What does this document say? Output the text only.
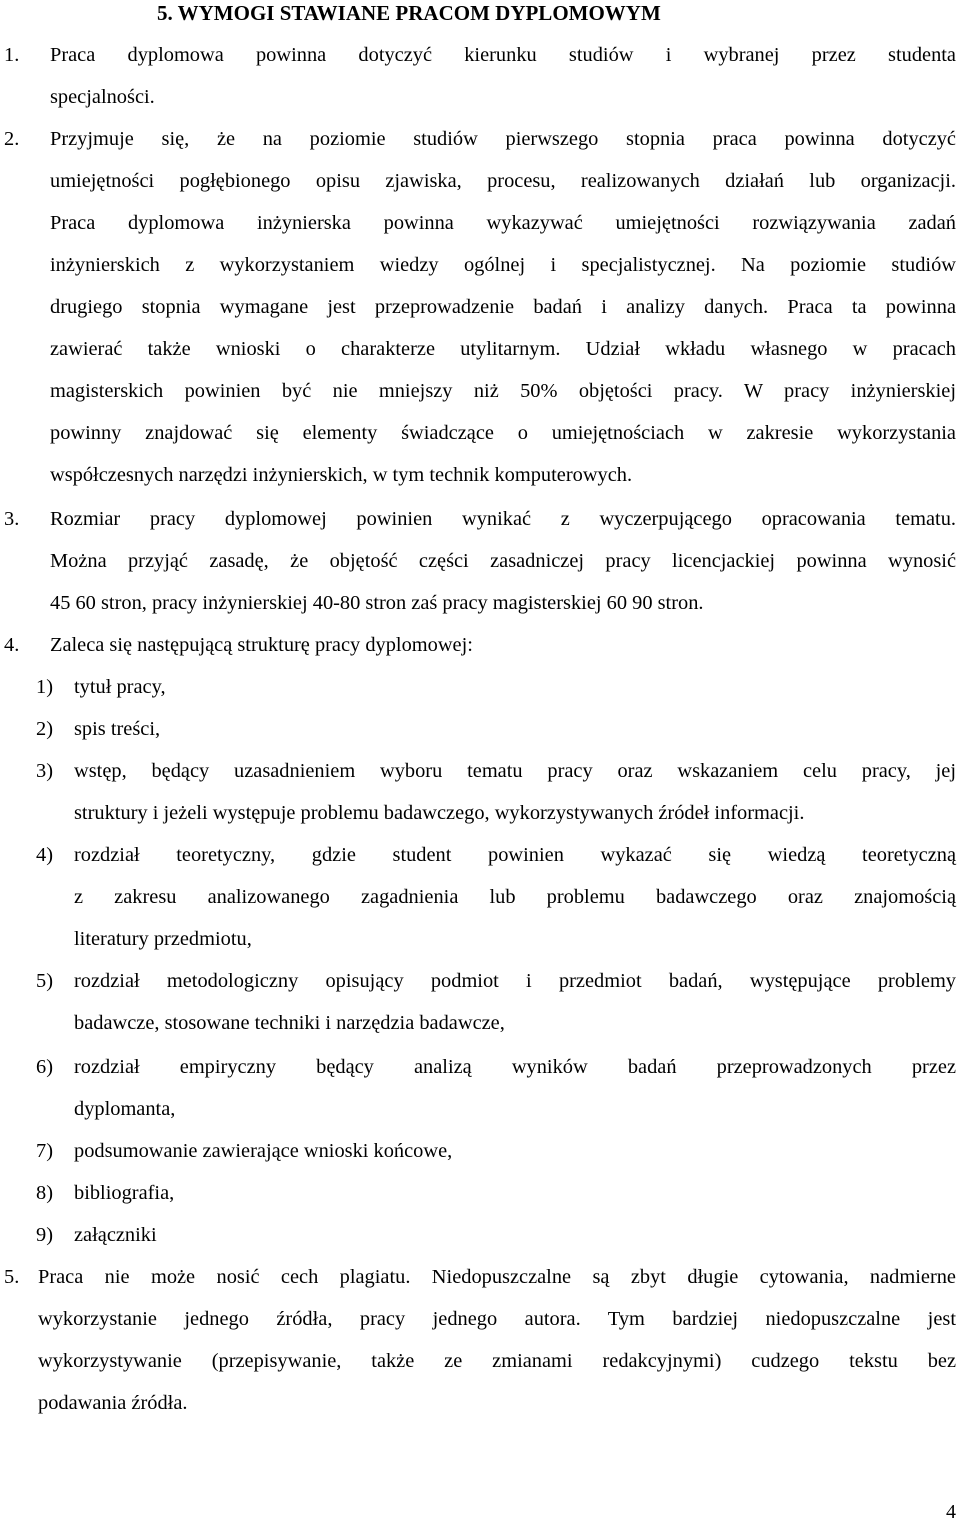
5. WYMOGI STAWIANE PRACOM DYPLOMOWYM
1. Praca dyplomowa powinna dotyczyć kierunku studiów i wybranej przez studenta
specjalności.
2. Przyjmuje się, że na poziomie studiów pierwszego stopnia praca powinna dotyczyć
umiejętności pogłębionego opisu zjawiska, procesu, realizowanych działań lub organizacji.
Praca dyplomowa inżynierska powinna wykazywać umiejętności rozwiązywania zadań
inżynierskich z wykorzystaniem wiedzy ogólnej i specjalistycznej. Na poziomie studiów
drugiego stopnia wymagane jest przeprowadzenie badań i analizy danych. Praca ta powinna
zawierać także wnioski o charakterze utylitarnym. Udział wkładu własnego w pracach
magisterskich powinien być nie mniejszy niż 50% objętości pracy. W pracy inżynierskiej
powinny znajdować się elementy świadczące o umiejętnościach w zakresie wykorzystania
współczesnych narzędzi inżynierskich, w tym technik komputerowych.
3. Rozmiar pracy dyplomowej powinien wynikać z wyczerpującego opracowania tematu.
Można przyjąć zasadę, że objętość części zasadniczej pracy licencjackiej powinna wynosić
45 60 stron, pracy inżynierskiej 40-80 stron zaś pracy magisterskiej 60 90 stron.
4. Zaleca się następującą strukturę pracy dyplomowej:
1) tytuł pracy,
2) spis treści,
3) wstęp, będący uzasadnieniem wyboru tematu pracy oraz wskazaniem celu pracy, jej
struktury i jeżeli występuje problemu badawczego, wykorzystywanych źródeł informacji.
4) rozdział teoretyczny, gdzie student powinien wykazać się wiedzą teoretyczną
z zakresu analizowanego zagadnienia lub problemu badawczego oraz znajomością
literatury przedmiotu,
5) rozdział metodologiczny opisujący podmiot i przedmiot badań, występujące problemy
badawcze, stosowane techniki i narzędzia badawcze,
6) rozdział empiryczny będący analizą wyników badań przeprowadzonych przez
dyplomanta,
7) podsumowanie zawierające wnioski końcowe,
8) bibliografia,
9) załączniki
5. Praca nie może nosić cech plagiatu. Niedopuszczalne są zbyt długie cytowania, nadmierne
wykorzystanie jednego źródła, pracy jednego autora. Tym bardziej niedopuszczalne jest
wykorzystywanie (przepisywanie, także ze zmianami redakcyjnymi) cudzego tekstu bez
podawania źródła.
4
